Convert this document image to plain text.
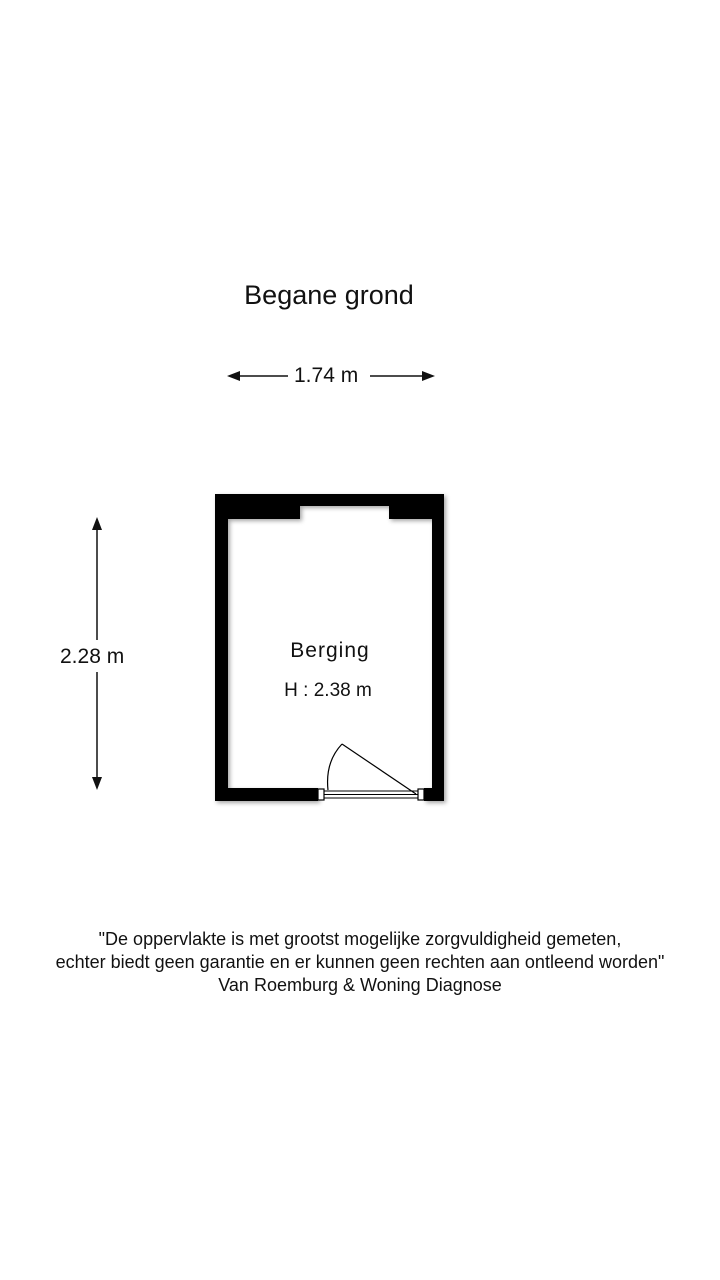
Begane grond
1.74 m
2.28 m	Berging
H : 2.38 m
"De oppervlakte is met grootst mogelijke zorgvuldigheid gemeten,
echter biedt geen garantie en er kunnen geen rechten aan ontleend worden"
Van Roemburg & Woning Diagnose
